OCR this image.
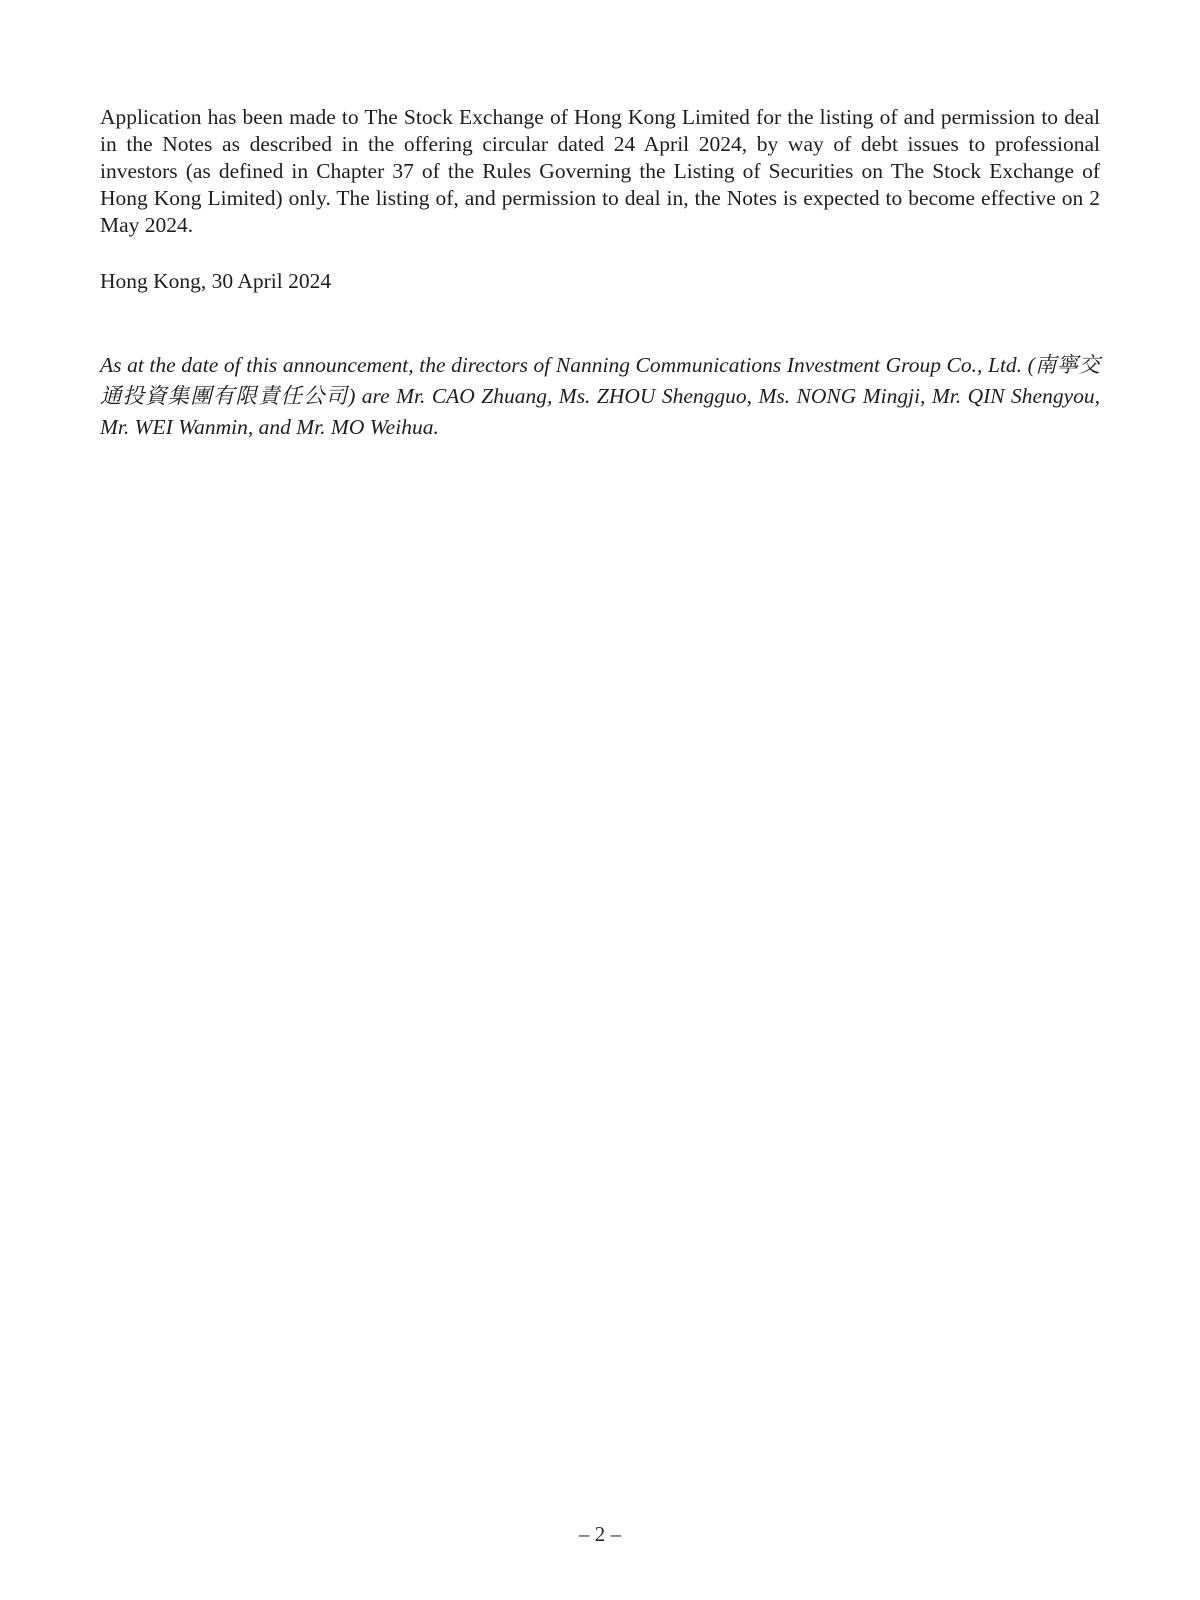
Application has been made to The Stock Exchange of Hong Kong Limited for the listing of and permission to deal in the Notes as described in the offering circular dated 24 April 2024, by way of debt issues to professional investors (as defined in Chapter 37 of the Rules Governing the Listing of Securities on The Stock Exchange of Hong Kong Limited) only. The listing of, and permission to deal in, the Notes is expected to become effective on 2 May 2024.

Hong Kong, 30 April 2024

As at the date of this announcement, the directors of Nanning Communications Investment Group Co., Ltd. (南寧交通投資集團有限責任公司) are Mr. CAO Zhuang, Ms. ZHOU Shengguo, Ms. NONG Mingji, Mr. QIN Shengyou, Mr. WEI Wanmin, and Mr. MO Weihua.

– 2 –
